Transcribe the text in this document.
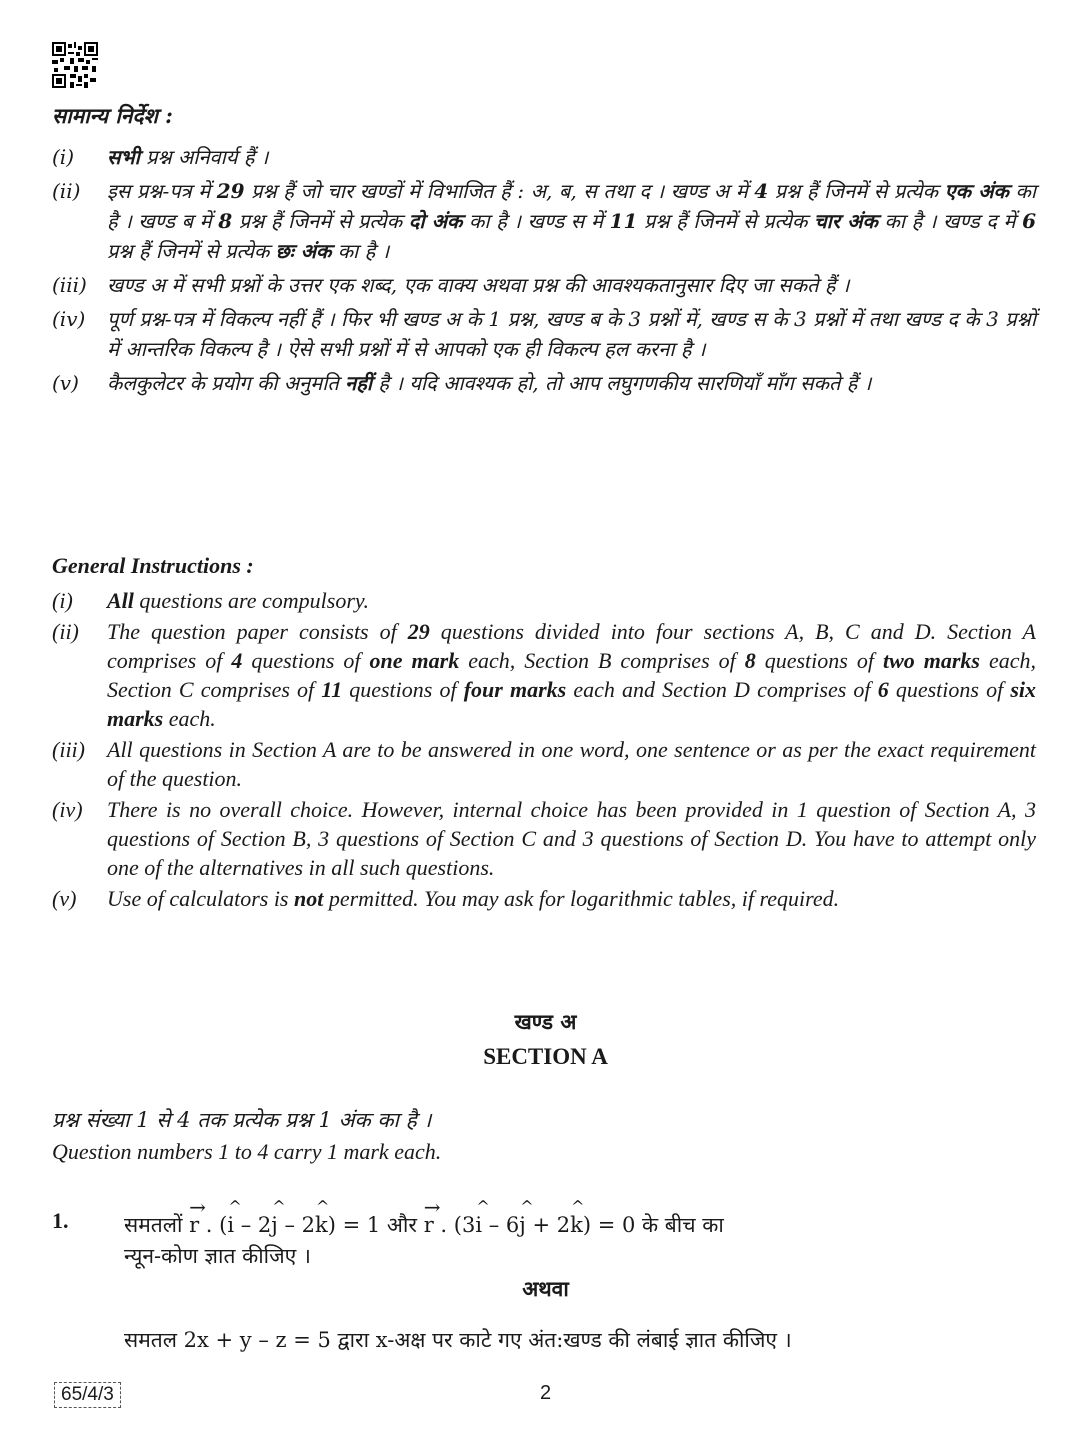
सामान्य निर्देश :
(i) सभी प्रश्न अनिवार्य हैं ।
(ii) इस प्रश्न-पत्र में 29 प्रश्न हैं जो चार खण्डों में विभाजित हैं : अ, ब, स तथा द । खण्ड अ में 4 प्रश्न हैं जिनमें से प्रत्येक एक अंक का है । खण्ड ब में 8 प्रश्न हैं जिनमें से प्रत्येक दो अंक का है । खण्ड स में 11 प्रश्न हैं जिनमें से प्रत्येक चार अंक का है । खण्ड द में 6 प्रश्न हैं जिनमें से प्रत्येक छः अंक का है ।
(iii) खण्ड अ में सभी प्रश्नों के उत्तर एक शब्द, एक वाक्य अथवा प्रश्न की आवश्यकतानुसार दिए जा सकते हैं ।
(iv) पूर्ण प्रश्न-पत्र में विकल्प नहीं हैं । फिर भी खण्ड अ के 1 प्रश्न, खण्ड ब के 3 प्रश्नों में, खण्ड स के 3 प्रश्नों में तथा खण्ड द के 3 प्रश्नों में आन्तरिक विकल्प है । ऐसे सभी प्रश्नों में से आपको एक ही विकल्प हल करना है ।
(v) कैलकुलेटर के प्रयोग की अनुमति नहीं है । यदि आवश्यक हो, तो आप लघुगणकीय सारणियाँ माँग सकते हैं ।
General Instructions :
(i) All questions are compulsory.
(ii) The question paper consists of 29 questions divided into four sections A, B, C and D. Section A comprises of 4 questions of one mark each, Section B comprises of 8 questions of two marks each, Section C comprises of 11 questions of four marks each and Section D comprises of 6 questions of six marks each.
(iii) All questions in Section A are to be answered in one word, one sentence or as per the exact requirement of the question.
(iv) There is no overall choice. However, internal choice has been provided in 1 question of Section A, 3 questions of Section B, 3 questions of Section C and 3 questions of Section D. You have to attempt only one of the alternatives in all such questions.
(v) Use of calculators is not permitted. You may ask for logarithmic tables, if required.
खण्ड अ
SECTION A
प्रश्न संख्या 1 से 4 तक प्रत्येक प्रश्न 1 अंक का है ।
Question numbers 1 to 4 carry 1 mark each.
1.	समतलों → r . (^ i – 2^ j – 2^ k) = 1 और → r . (3^ i – 6^ j + 2^ k) = 0 के बीच का
न्यून-कोण ज्ञात कीजिए ।
अथवा
समतल 2x + y – z = 5 द्वारा x-अक्ष पर काटे गए अंत:खण्ड की लंबाई ज्ञात कीजिए ।
65/4/3	2
